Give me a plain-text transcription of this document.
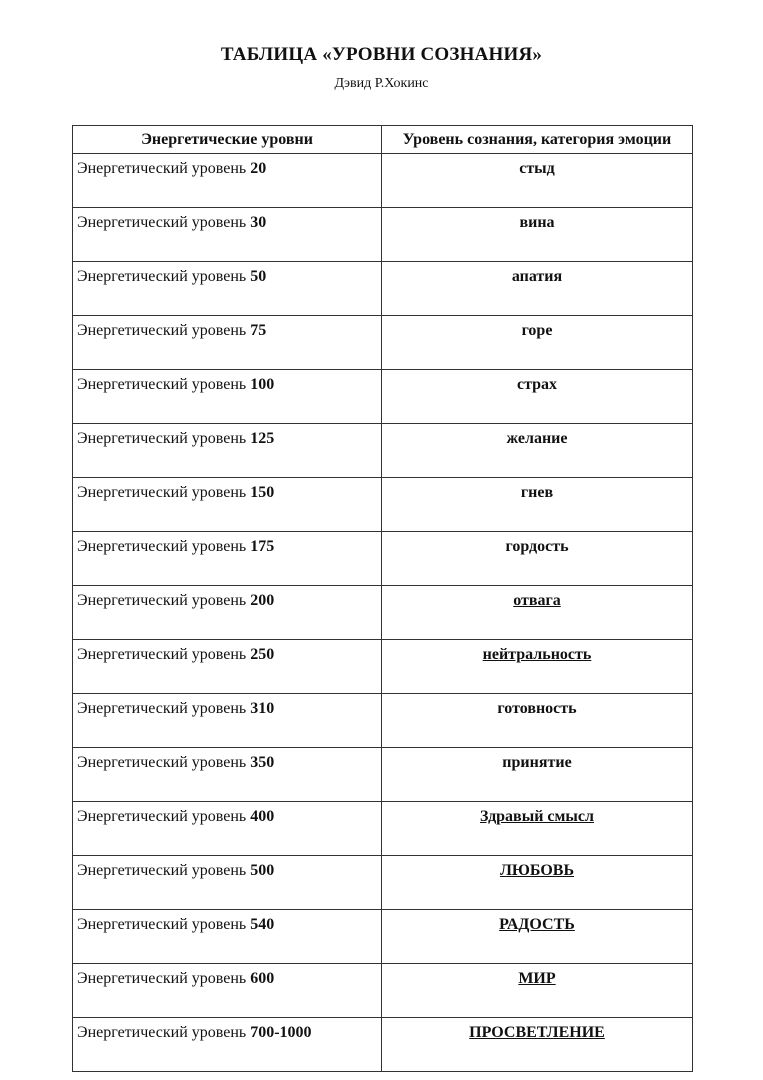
ТАБЛИЦА «УРОВНИ СОЗНАНИЯ»
Дэвид Р.Хокинс
Энергетические уровни	Уровень сознания, категория эмоции
Энергетический уровень 20	стыд
Энергетический уровень 30	вина
Энергетический уровень 50	апатия
Энергетический уровень 75	горе
Энергетический уровень 100	страх
Энергетический уровень 125	желание
Энергетический уровень 150	гнев
Энергетический уровень 175	гордость
Энергетический уровень 200	отвага
Энергетический уровень 250	нейтральность
Энергетический уровень 310	готовность
Энергетический уровень 350	принятие
Энергетический уровень 400	Здравый смысл
Энергетический уровень 500	ЛЮБОВЬ
Энергетический уровень 540	РАДОСТЬ
Энергетический уровень 600	МИР
Энергетический уровень 700-1000	ПРОСВЕТЛЕНИЕ
